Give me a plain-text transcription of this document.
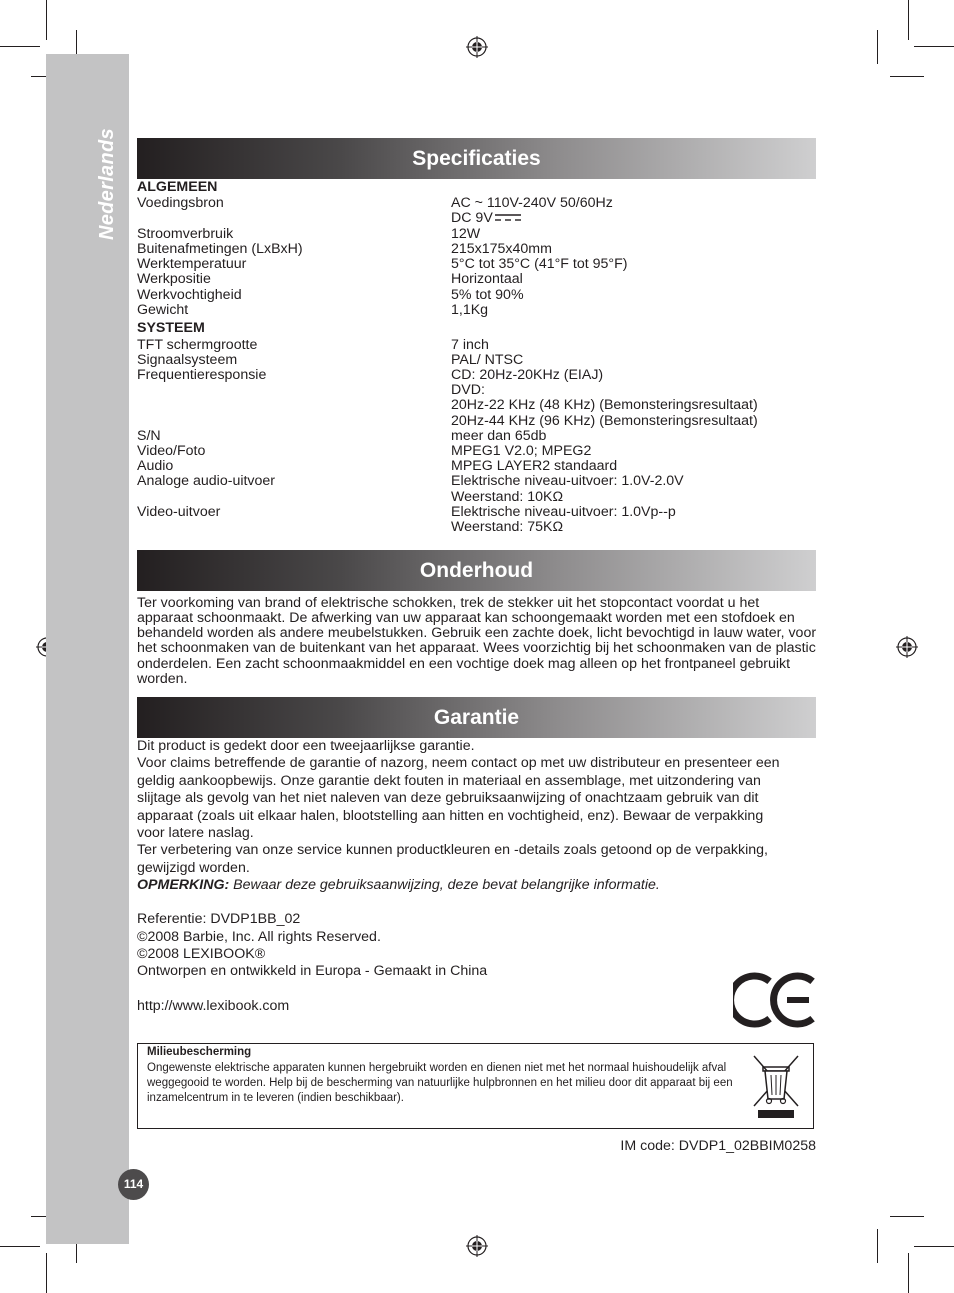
Nederlands	Specificaties
ALGEMEEN
Voedingsbron	AC ~ 110V-240V 50/60Hz
DC 9V
Stroomverbruik	12W
Buitenafmetingen (LxBxH)	215x175x40mm
Werktemperatuur	5°C tot 35°C (41°F tot 95°F)
Werkpositie	Horizontaal
Werkvochtigheid	5% tot 90%
Gewicht	1,1Kg
SYSTEEM
TFT schermgrootte	7 inch
Signaalsysteem	PAL/ NTSC
Frequentieresponsie	CD: 20Hz-20KHz (EIAJ)
DVD:
20Hz-22 KHz (48 KHz) (Bemonsteringsresultaat)
20Hz-44 KHz (96 KHz) (Bemonsteringsresultaat)
S/N	meer dan 65db
Video/Foto	MPEG1 V2.0; MPEG2
Audio	MPEG LAYER2 standaard
Analoge audio-uitvoer	Elektrische niveau-uitvoer: 1.0V-2.0V
Weerstand: 10KΩ
Video-uitvoer	Elektrische niveau-uitvoer: 1.0Vp--p
Weerstand: 75KΩ
Onderhoud
Ter voorkoming van brand of elektrische schokken, trek de stekker uit het stopcontact voordat u het apparaat schoonmaakt. De afwerking van uw apparaat kan schoongemaakt worden met een stofdoek en behandeld worden als andere meubelstukken. Gebruik een zachte doek, licht bevochtigd in lauw water, voor het schoonmaken van de buitenkant van het apparaat. Wees voorzichtig bij het schoonmaken van de plastic onderdelen. Een zacht schoonmaakmiddel en een vochtige doek mag alleen op het frontpaneel gebruikt worden.
Garantie
Dit product is gedekt door een tweejaarlijkse garantie.
Voor claims betreffende de garantie of nazorg, neem contact op met uw distributeur en presenteer een
geldig aankoopbewijs. Onze garantie dekt fouten in materiaal en assemblage, met uitzondering van
slijtage als gevolg van het niet naleven van deze gebruiksaanwijzing of onachtzaam gebruik van dit
apparaat (zoals uit elkaar halen, blootstelling aan hitten en vochtigheid, enz). Bewaar de verpakking
voor latere naslag.
Ter verbetering van onze service kunnen productkleuren en -details zoals getoond op de verpakking,
gewijzigd worden.
OPMERKING: Bewaar deze gebruiksaanwijzing, deze bevat belangrijke informatie.
Referentie: DVDP1BB_02
©2008 Barbie, Inc. All rights Reserved.
©2008 LEXIBOOK®
Ontworpen en ontwikkeld in Europa - Gemaakt in China
http://www.lexibook.com
Milieubescherming
Ongewenste elektrische apparaten kunnen hergebruikt worden en dienen niet met het normaal huishoudelijk afval weggegooid te worden. Help bij de bescherming van natuurlijke hulpbronnen en het milieu door dit apparaat bij een inzamelcentrum in te leveren (indien beschikbaar).
IM code: DVDP1_02BBIM0258
114
